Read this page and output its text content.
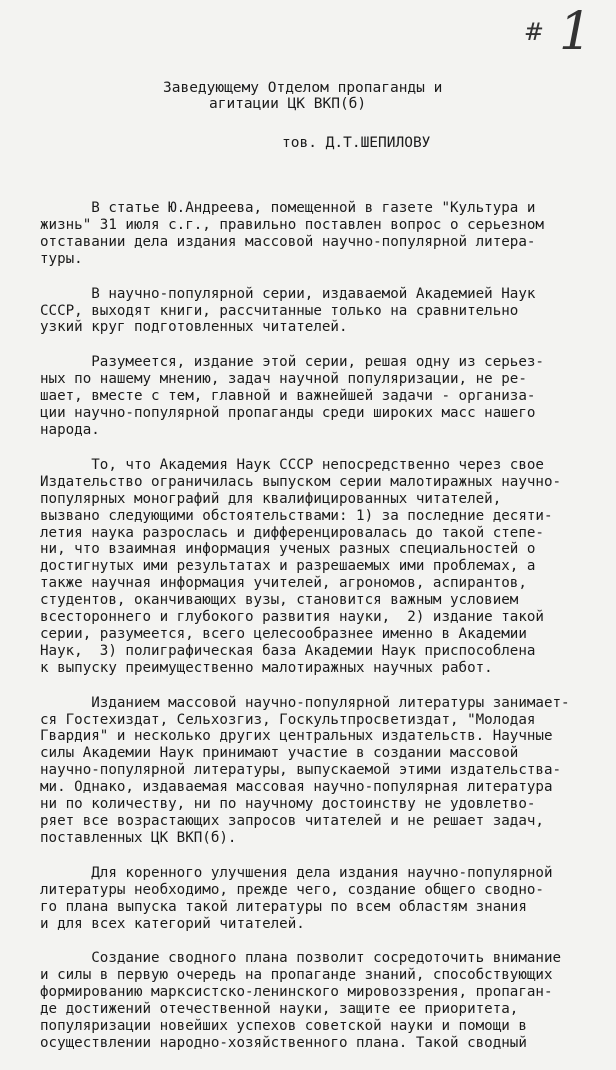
# 1
Заведующему Отделом пропаганды и
агитации ЦК ВКП(б)
тов. Д.Т.ШЕПИЛОВУ

В статье Ю.Андреева, помещенной в газете "Культура и
жизнь" 31 июля с.г., правильно поставлен вопрос о серьезном
отставании дела издания массовой научно-популярной литера-
туры.

В научно-популярной серии, издаваемой Академией Наук
СССР, выходят книги, рассчитанные только на сравнительно
узкий круг подготовленных читателей.

Разумеется, издание этой серии, решая одну из серьез-
ных по нашему мнению, задач научной популяризации, не ре-
шает, вместе с тем, главной и важнейшей задачи - организа-
ции научно-популярной пропаганды среди широких масс нашего
народа.

То, что Академия Наук СССР непосредственно через свое
Издательство ограничилась выпуском серии малотиражных научно-
популярных монографий для квалифицированных читателей,
вызвано следующими обстоятельствами: 1) за последние десяти-
летия наука разрослась и дифференцировалась до такой степе-
ни, что взаимная информация ученых разных специальностей о
достигнутых ими результатах и разрешаемых ими проблемах, а
также научная информация учителей, агрономов, аспирантов,
студентов, оканчивающих вузы, становится важным условием
всестороннего и глубокого развития науки,  2) издание такой
серии, разумеется, всего целесообразнее именно в Академии
Наук,  3) полиграфическая база Академии Наук приспособлена
к выпуску преимущественно малотиражных научных работ.

Изданием массовой научно-популярной литературы занимает-
ся Гостехиздат, Сельхозгиз, Госкультпросветиздат, "Молодая
Гвардия" и несколько других центральных издательств. Научные
силы Академии Наук принимают участие в создании массовой
научно-популярной литературы, выпускаемой этими издательства-
ми. Однако, издаваемая массовая научно-популярная литература
ни по количеству, ни по научному достоинству не удовлетво-
ряет все возрастающих запросов читателей и не решает задач,
поставленных ЦК ВКП(б).

Для коренного улучшения дела издания научно-популярной
литературы необходимо, прежде чего, создание общего сводно-
го плана выпуска такой литературы по всем областям знания
и для всех категорий читателей.

Создание сводного плана позволит сосредоточить внимание
и силы в первую очередь на пропаганде знаний, способствующих
формированию марксистско-ленинского мировоззрения, пропаган-
де достижений отечественной науки, защите ее приоритета,
популяризации новейших успехов советской науки и помощи в
осуществлении народно-хозяйственного плана. Такой сводный
